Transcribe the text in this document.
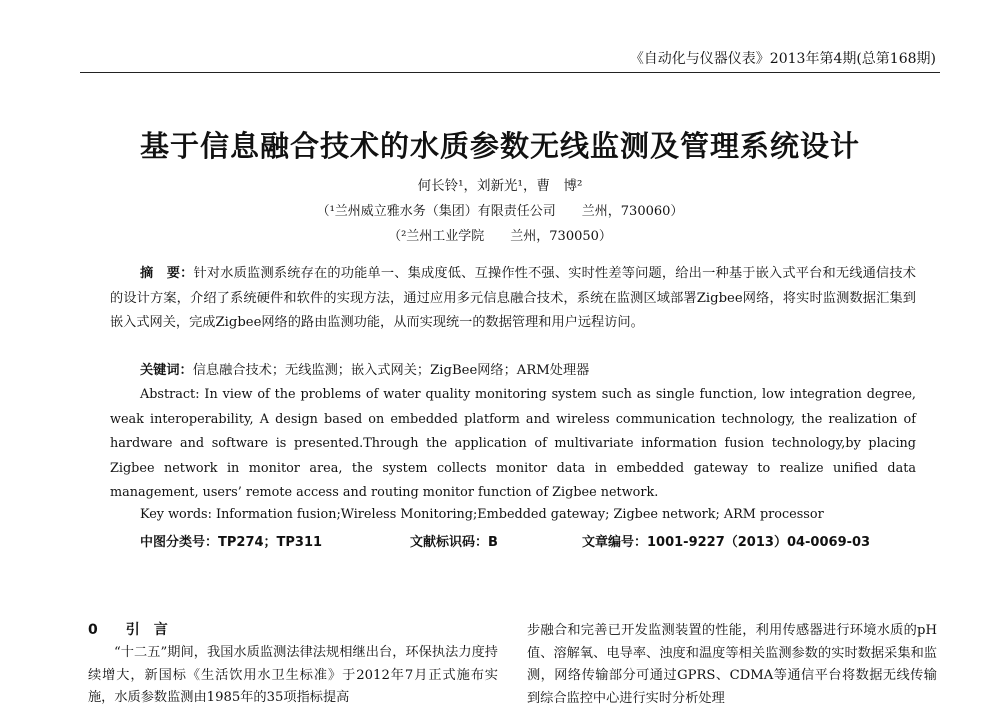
《自动化与仪器仪表》2013年第4期(总第168期)
基于信息融合技术的水质参数无线监测及管理系统设计
何长铃¹，刘新光¹，曹　博²
（¹兰州威立雅水务（集团）有限责任公司　　兰州，730060）
（²兰州工业学院　　兰州，730050）

摘　要：针对水质监测系统存在的功能单一、集成度低、互操作性不强、实时性差等问题，给出一种基于嵌入式平台和无线通信技术的设计方案，介绍了系统硬件和软件的实现方法，通过应用多元信息融合技术，系统在监测区域部署Zigbee网络，将实时监测数据汇集到嵌入式网关，完成Zigbee网络的路由监测功能，从而实现统一的数据管理和用户远程访问。

关键词：信息融合技术；无线监测；嵌入式网关；ZigBee网络；ARM处理器

Abstract: In view of the problems of water quality monitoring system such as single function, low integration degree, weak interoperability, A design based on embedded platform and wireless communication technology, the realization of hardware and software is presented.Through the application of multivariate information fusion technology,by placing Zigbee network in monitor area, the system collects monitor data in embedded gateway to realize unified data management, users’ remote access and routing monitor function of Zigbee network.

Key words: Information fusion;Wireless Monitoring;Embedded gateway; Zigbee network; ARM processor
中图分类号：TP274；TP311	文献标识码：B	文章编号：1001-9227（2013）04-0069-03
0 引　言

“十二五”期间，我国水质监测法律法规相继出台，环保执法力度持续增大，新国标《生活饮用水卫生标准》于2012年7月正式施布实施，水质参数监测由1985年的35项指标提高

步融合和完善已开发监测装置的性能，利用传感器进行环境水质的pH值、溶解氧、电导率、浊度和温度等相关监测参数的实时数据采集和监测，网络传输部分可通过GPRS、CDMA等通信平台将数据无线传输到综合监控中心进行实时分析处理
